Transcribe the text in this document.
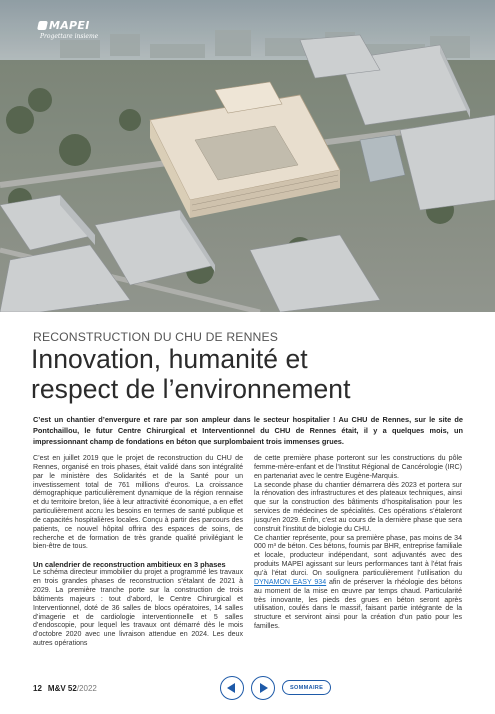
MAPEI
Progettare insieme
RECONSTRUCTION DU CHU DE RENNES
Innovation, humanité et
respect de l’environnement

C’est un chantier d’envergure et rare par son ampleur dans le secteur hospitalier ! Au CHU de Rennes, sur le site de Pontchaillou, le futur Centre Chirurgical et Interventionnel du CHU de Rennes était, il y a quelques mois, un impressionnant champ de fondations en béton que surplombaient trois immenses grues.

C’est en juillet 2019 que le projet de reconstruction du CHU de Rennes, organisé en trois phases, était validé dans son intégralité par le ministère des Solidarités et de la Santé pour un investissement total de 761 millions d’euros. La croissance démographique particulièrement dynamique de la région rennaise et du territoire breton, liée à leur attractivité économique, a en effet particulièrement accru les besoins en termes de santé publique et de capacités hospitalières locales. Conçu à partir des parcours des patients, ce nouvel hôpital offrira des espaces de soins, de recherche et de formation de très grande qualité privilégiant le bien-être de tous.

Un calendrier de reconstruction ambitieux en 3 phases

Le schéma directeur immobilier du projet a programmé les travaux en trois grandes phases de reconstruction s’étalant de 2021 à 2029. La première tranche porte sur la construction de trois bâtiments majeurs : tout d’abord, le Centre Chirurgical et Interventionnel, doté de 36 salles de blocs opératoires, 14 salles d’imagerie et de cardiologie interventionnelle et 5 salles d’endoscopie, pour lequel les travaux ont démarré dès le mois d’octobre 2020 avec une livraison attendue en 2024. Les deux autres opérations

de cette première phase porteront sur les constructions du pôle femme-mère-enfant et de l’Institut Régional de Cancérologie (IRC) en partenariat avec le centre Eugène-Marquis.

La seconde phase du chantier démarrera dès 2023 et portera sur la rénovation des infrastructures et des plateaux techniques, ainsi que sur la construction des bâtiments d’hospitalisation pour les services de médecines de spécialités. Ces opérations s’étaleront jusqu’en 2029. Enfin, c’est au cours de la dernière phase que sera construit l’institut de biologie du CHU.

Ce chantier représente, pour sa première phase, pas moins de 34 000 m³ de béton. Ces bétons, fournis par BHR, entreprise familiale et locale, producteur indépendant, sont adjuvantés avec des produits MAPEI agissant sur leurs performances tant à l’état frais qu’à l’état durci. On soulignera particulièrement l’utilisation du DYNAMON EASY 934 afin de préserver la rhéologie des bétons au moment de la mise en œuvre par temps chaud. Particularité très innovante, les pieds des grues en béton seront après utilisation, coulés dans le massif, faisant partie intégrante de la structure et serviront ainsi pour la création d’un patio pour les familles.

12 M&V 52/2022	SOMMAIRE
